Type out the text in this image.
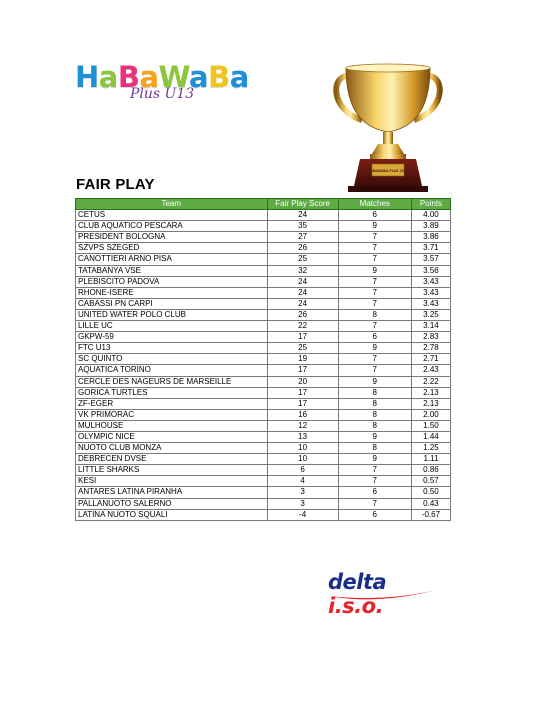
HaBaWaBa
Plus U13
HABAWABA PLUS 2017
FAIR PLAY
Team	Fair Play Score	Matches	Points
CETUS	24	6	4.00
CLUB AQUATICO PESCARA	35	9	3.89
PRESIDENT BOLOGNA	27	7	3.86
SZVPS SZEGED	26	7	3.71
CANOTTIERI ARNO PISA	25	7	3.57
TATABANYA VSE	32	9	3.56
PLEBISCITO PADOVA	24	7	3.43
RHONE-ISERE	24	7	3.43
CABASSI PN CARPI	24	7	3.43
UNITED WATER POLO CLUB	26	8	3.25
LILLE UC	22	7	3.14
GKPW-59	17	6	2.83
FTC U13	25	9	2.78
SC QUINTO	19	7	2.71
AQUATICA TORINO	17	7	2.43
CERCLE DES NAGEURS DE MARSEILLE	20	9	2.22
GORICA TURTLES	17	8	2.13
ZF-EGER	17	8	2.13
VK PRIMORAC	16	8	2.00
MULHOUSE	12	8	1.50
OLYMPIC NICE	13	9	1.44
NUOTO CLUB MONZA	10	8	1.25
DEBRECEN DVSE	10	9	1.11
LITTLE SHARKS	6	7	0.86
KESI	4	7	0.57
ANTARES LATINA PIRANHA	3	6	0.50
PALLANUOTO SALERNO	3	7	0.43
LATINA NUOTO SQUALI	-4	6	-0.67
delta i.s.o.
